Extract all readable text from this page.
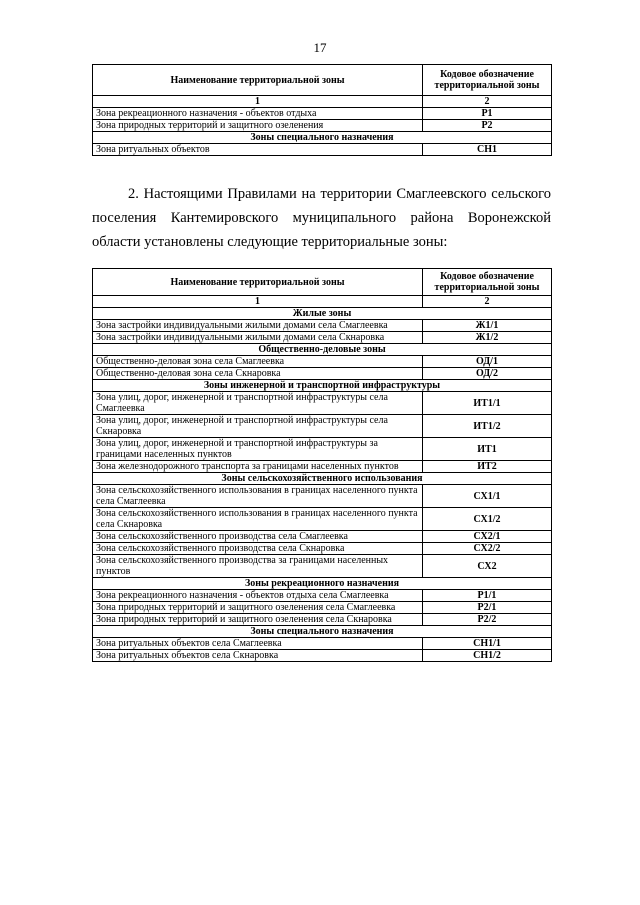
17
Наименование территориальной зоны	Кодовое обозначение территориальной зоны
1	2
Зона рекреационного назначения - объектов отдыха	Р1
Зона природных территорий и защитного озеленения	Р2
Зоны специального назначения	
Зона ритуальных объектов	СН1
2. Настоящими Правилами на территории Смаглеевского сельского поселения Кантемировского муниципального района Воронежской области установлены следующие территориальные зоны:
Наименование территориальной зоны	Кодовое обозначение территориальной зоны
1	2
Жилые зоны	
Зона застройки индивидуальными жилыми домами села Смаглеевка	Ж1/1
Зона застройки индивидуальными жилыми домами села Скнаровка	Ж1/2
Общественно-деловые зоны	
Общественно-деловая зона села Смаглеевка	ОД/1
Общественно-деловая зона села Скнаровка	ОД/2
Зоны инженерной и транспортной инфраструктуры	
Зона улиц, дорог, инженерной и транспортной инфраструктуры села Смаглеевка	ИТ1/1
Зона улиц, дорог, инженерной и транспортной инфраструктуры села Скнаровка	ИТ1/2
Зона улиц, дорог, инженерной и транспортной инфраструктуры за границами населенных пунктов	ИТ1
Зона железнодорожного транспорта за границами населенных пунктов	ИТ2
Зоны сельскохозяйственного использования	
Зона сельскохозяйственного использования в границах населенного пункта села Смаглеевка	СХ1/1
Зона сельскохозяйственного использования в границах населенного пункта села Скнаровка	СХ1/2
Зона сельскохозяйственного производства села Смаглеевка	СХ2/1
Зона сельскохозяйственного производства села Скнаровка	СХ2/2
Зона сельскохозяйственного производства за границами населенных пунктов	СХ2
Зоны рекреационного назначения	
Зона рекреационного назначения - объектов отдыха села Смаглеевка	Р1/1
Зона природных территорий и защитного озеленения села Смаглеевка	Р2/1
Зона природных территорий и защитного озеленения села Скнаровка	Р2/2
Зоны специального назначения	
Зона ритуальных объектов села Смаглеевка	СН1/1
Зона ритуальных объектов села Скнаровка	СН1/2
